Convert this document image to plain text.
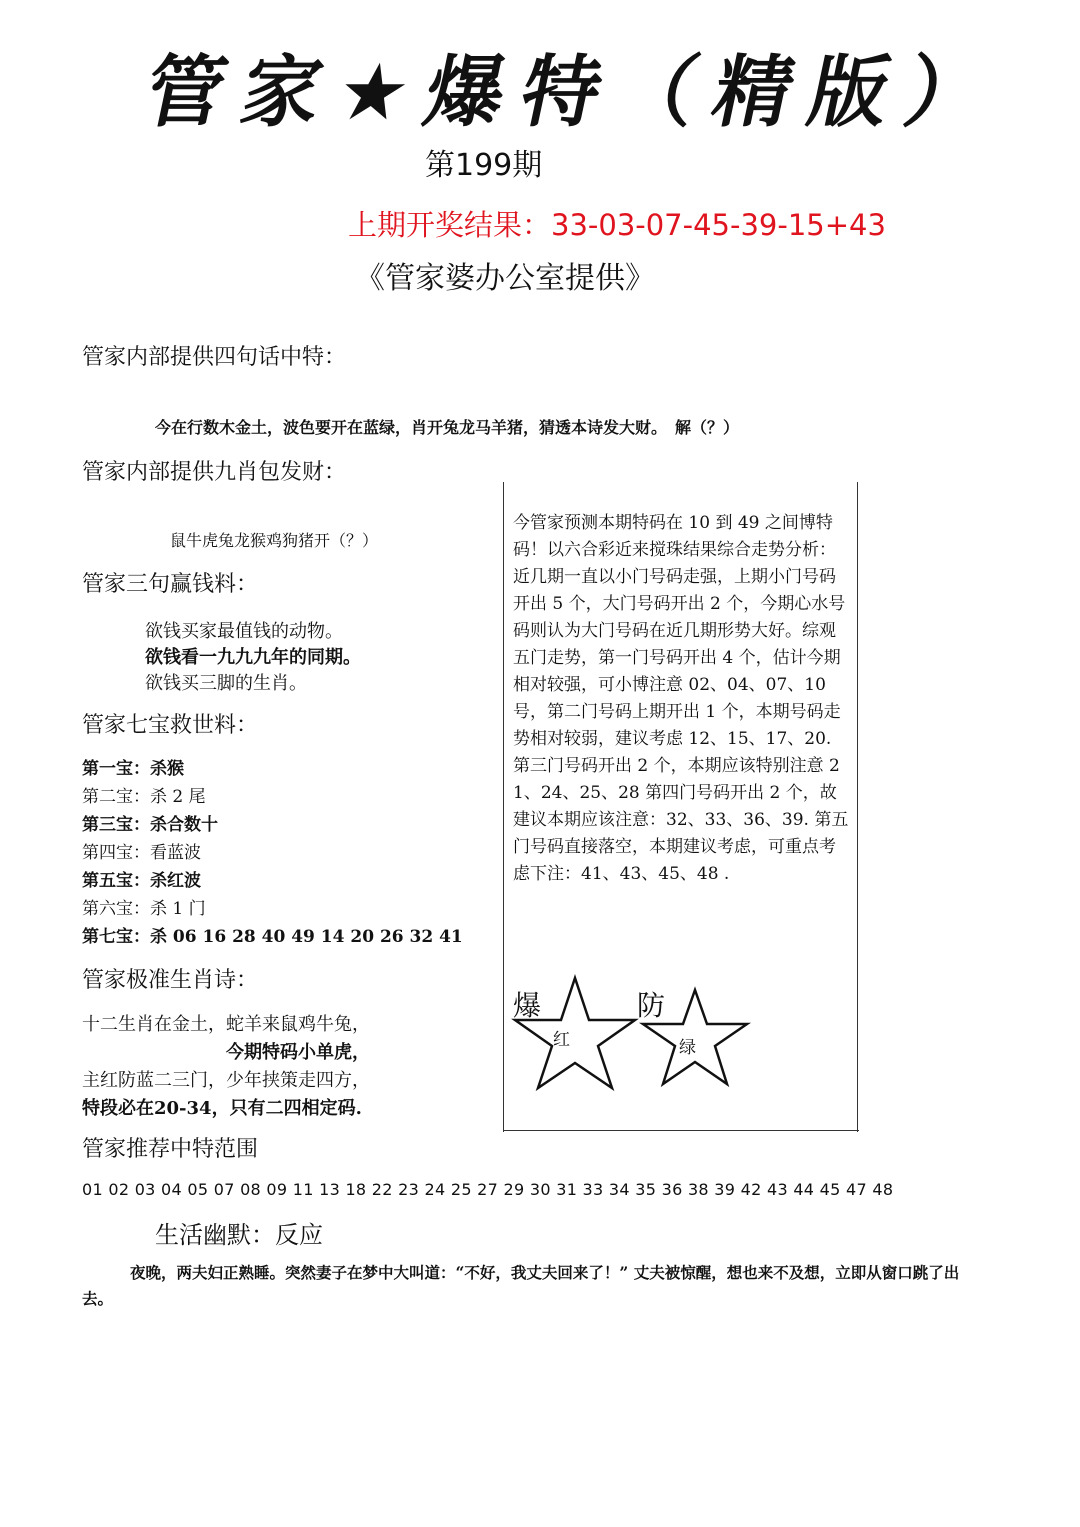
管家★爆特（精版）
第199期
上期开奖结果：33-03-07-45-39-15+43
《管家婆办公室提供》
管家内部提供四句话中特：
今在行数木金土，波色要开在蓝绿，肖开兔龙马羊猪，猜透本诗发大财。　解（？）
管家内部提供九肖包发财：
鼠牛虎兔龙猴鸡狗猪开（？）
管家三句赢钱料：
欲钱买家最值钱的动物。
欲钱看一九九九年的同期。
欲钱买三脚的生肖。
管家七宝救世料：
第一宝：杀猴
第二宝：杀 2 尾
第三宝：杀合数十
第四宝：看蓝波
第五宝：杀红波
第六宝：杀 1 门
第七宝：杀 06 16 28 40 49 14 20 26 32 41
管家极准生肖诗：
十二生肖在金土，蛇羊来鼠鸡牛兔，
今期特码小单虎，
主红防蓝二三门，少年挟策走四方，
特段必在20-34，只有二四相定码.
管家推荐中特范围
01 02 03 04 05 07 08 09 11 13 18 22 23 24 25 27 29 30 31 33 34 35 36 38 39 42 43 44 45 47 48
生活幽默：反应
夜晚，两夫妇正熟睡。突然妻子在梦中大叫道：“不好，我丈夫回来了！” 丈夫被惊醒，想也来不及想，立即从窗口跳了出去。
今管家预测本期特码在 10 到 49 之间博特码！以六合彩近来搅珠结果综合走势分析：近几期一直以小门号码走强，上期小门号码开出 5 个，大门号码开出 2 个，今期心水号码则认为大门号码在近几期形势大好。综观五门走势，第一门号码开出 4 个，估计今期相对较强，可小博注意 02、04、07、10 号，第二门号码上期开出 1 个，本期号码走势相对较弱，建议考虑 12、15、17、20. 第三门号码开出 2 个，本期应该特别注意 21、24、25、28 第四门号码开出 2 个，故建议本期应该注意：32、33、36、39. 第五门号码直接落空，本期建议考虑，可重点考虑下注：41、43、45、48 .
爆
红
防
绿
